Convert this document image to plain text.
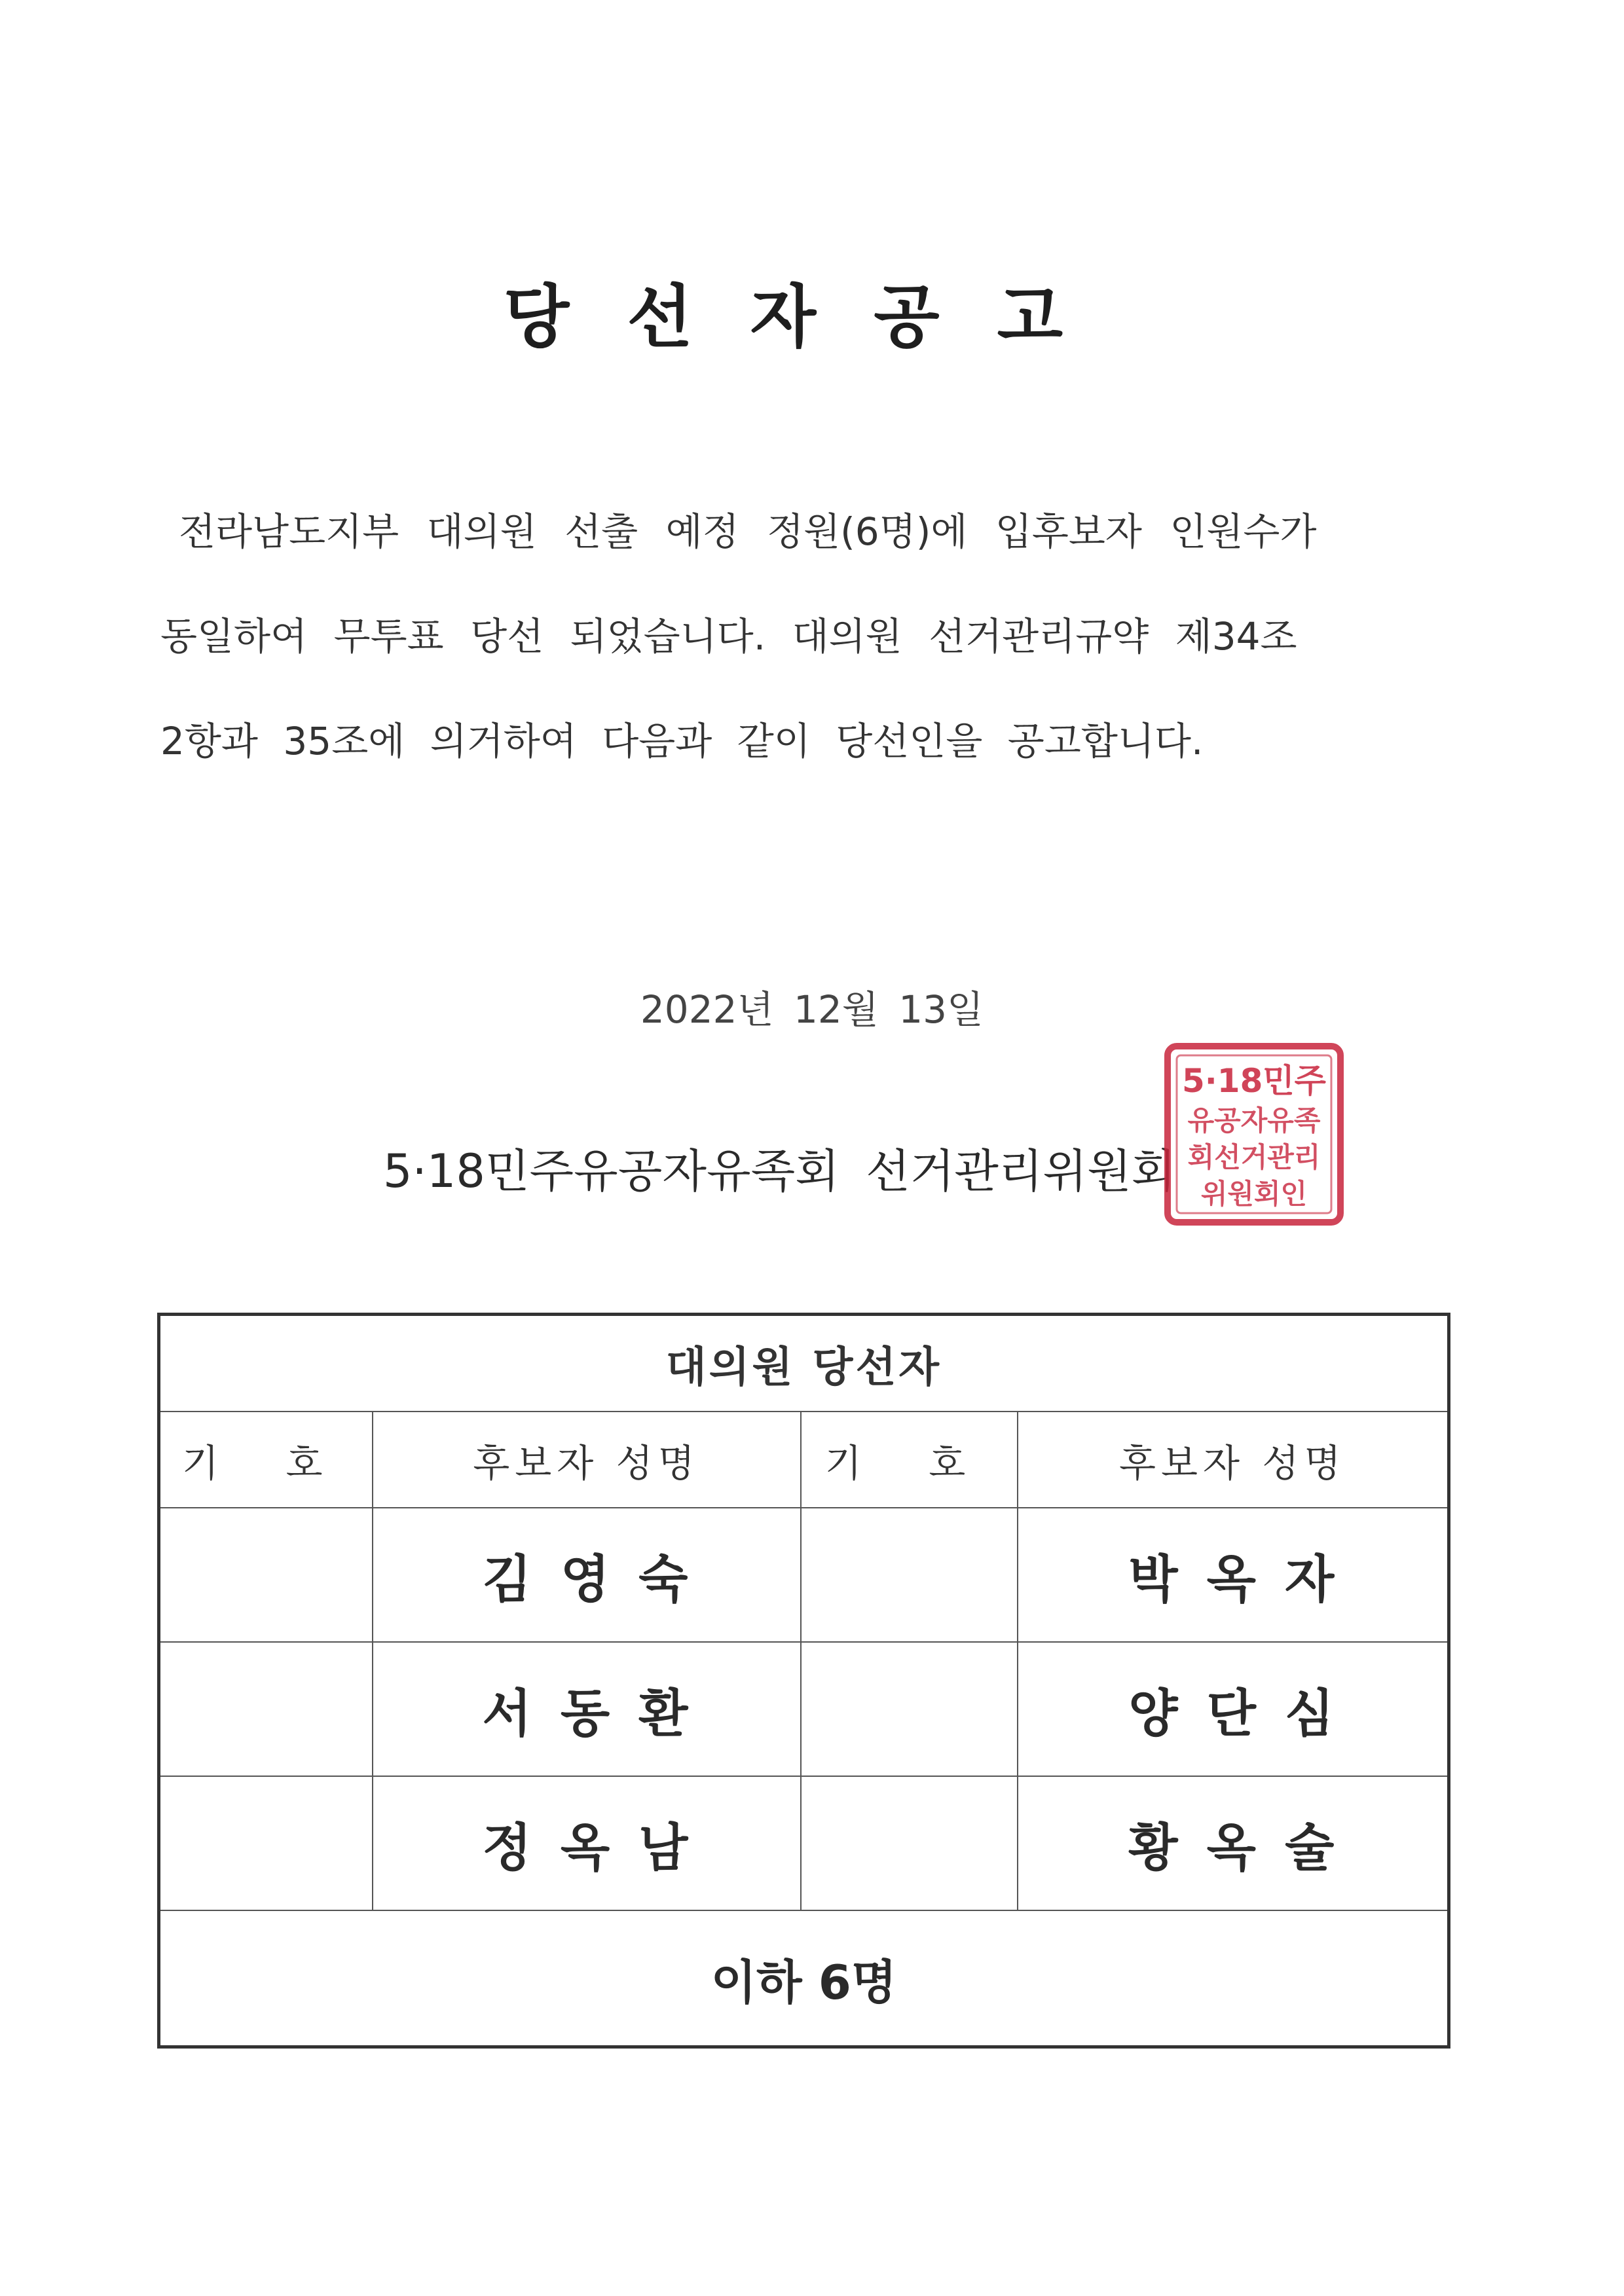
당선자공고
전라남도지부 대의원 선출 예정 정원(6명)에 입후보자 인원수가
동일하여 무투표 당선 되었습니다. 대의원 선거관리규약 제34조
2항과 35조에 의거하여 다음과 같이 당선인을 공고합니다.
2022년 12월 13일
5·18민주유공자유족회 선거관리위원회
5·18민주
유공자유족
회선거관리
위원회인
대의원 당선자			
기 호	후보자 성명	기 호	후보자 성명
	김영숙		박옥자
	서동환		양단심
	정옥남		황옥술
이하 6명			
